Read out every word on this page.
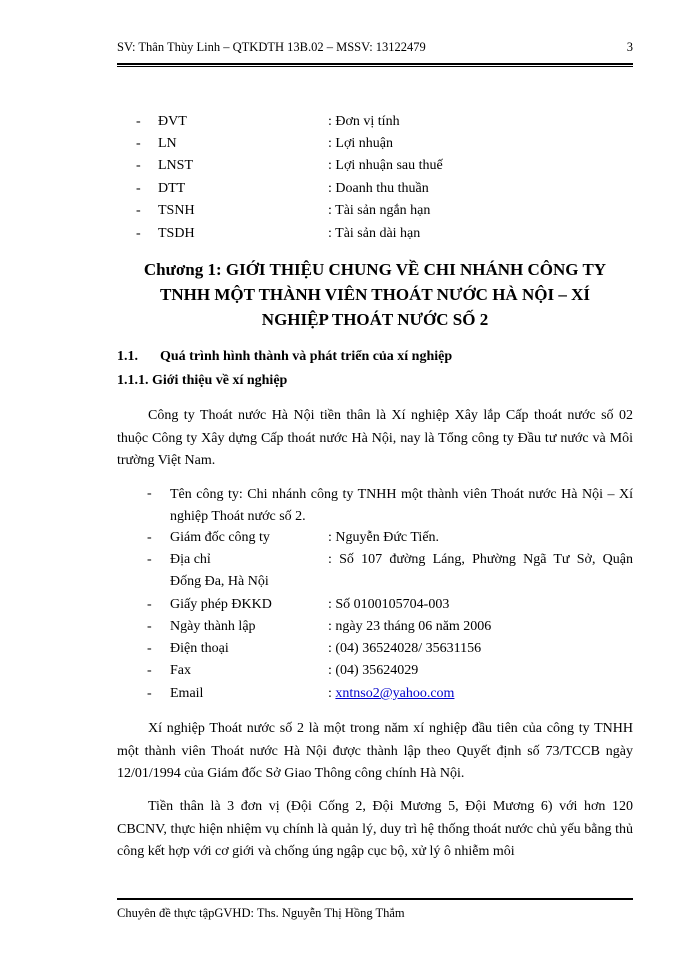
SV: Thân Thùy Linh – QTKDTH 13B.02 – MSSV: 13122479	3
- ĐVT	: Đơn vị tính
- LN	: Lợi nhuận
- LNST	: Lợi nhuận sau thuế
- DTT	: Doanh thu thuần
- TSNH	: Tài sản ngắn hạn
- TSDH	: Tài sản dài hạn
Chương 1: GIỚI THIỆU CHUNG VỀ CHI NHÁNH CÔNG TY
TNHH MỘT THÀNH VIÊN THOÁT NƯỚC HÀ NỘI – XÍ
NGHIỆP THOÁT NƯỚC SỐ 2
1.1. Quá trình hình thành và phát triển của xí nghiệp
1.1.1. Giới thiệu về xí nghiệp
Công ty Thoát nước Hà Nội tiền thân là Xí nghiệp Xây lắp Cấp thoát nước số 02 thuộc Công ty Xây dựng Cấp thoát nước Hà Nội, nay là Tổng công ty Đầu tư nước và Môi trường Việt Nam.
- Tên công ty: Chi nhánh công ty TNHH một thành viên Thoát nước Hà Nội – Xí nghiệp Thoát nước số 2.
- Giám đốc công ty	: Nguyễn Đức Tiến.
- Địa chỉ	: Số 107 đường Láng, Phường Ngã Tư Sở, Quận
Đống Đa, Hà Nội
- Giấy phép ĐKKD	: Số 0100105704-003
- Ngày thành lập	: ngày 23 tháng 06 năm 2006
- Điện thoại	: (04) 36524028/ 35631156
- Fax	: (04) 35624029
- Email	: xntnso2@yahoo.com
Xí nghiệp Thoát nước số 2 là một trong năm xí nghiệp đầu tiên của công ty TNHH một thành viên Thoát nước Hà Nội được thành lập theo Quyết định số 73/TCCB ngày 12/01/1994 của Giám đốc Sở Giao Thông công chính Hà Nội.
Tiền thân là 3 đơn vị (Đội Cống 2, Đội Mương 5, Đội Mương 6) với hơn 120 CBCNV, thực hiện nhiệm vụ chính là quản lý, duy trì hệ thống thoát nước chủ yếu bằng thủ công kết hợp với cơ giới và chống úng ngập cục bộ, xử lý ô nhiễm môi
Chuyên đề thực tậpGVHD: Ths. Nguyễn Thị Hồng Thắm
